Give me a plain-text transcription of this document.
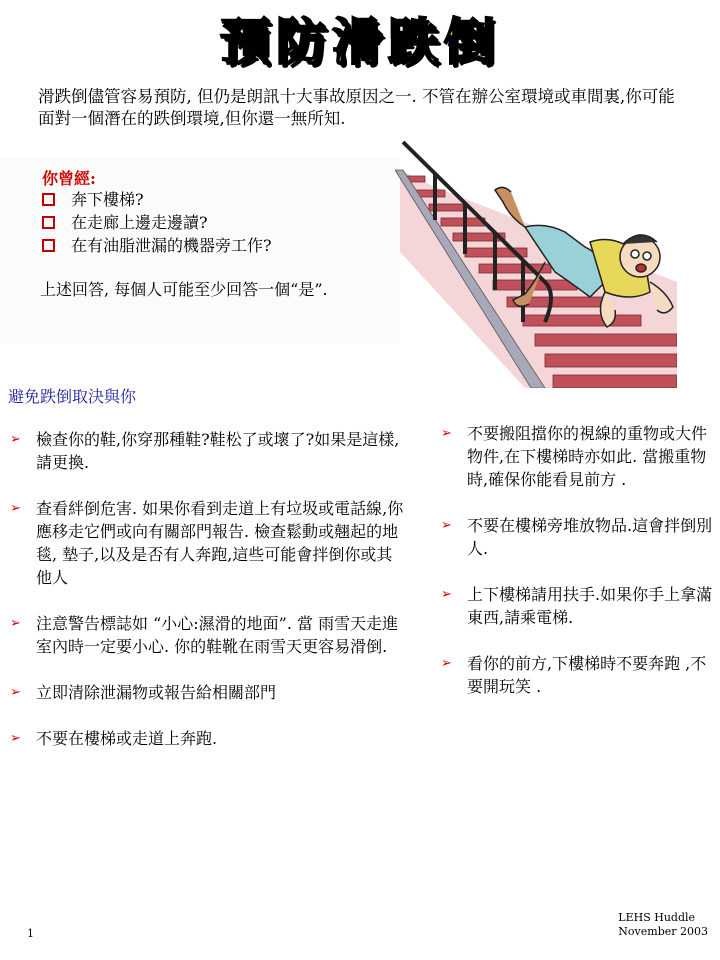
預防滑跌倒
滑跌倒儘管容易預防, 但仍是朗訊十大事故原因之一. 不管在辦公室環境或車間裏,你可能面對一個潛在的跌倒環境,但你還一無所知.
你曾經:
奔下樓梯?
在走廊上邊走邊讀?
在有油脂泄漏的機器旁工作?
上述回答, 每個人可能至少回答一個“是”.
避免跌倒取決與你
➢ 檢查你的鞋,你穿那種鞋?鞋松了或壞了?如果是這樣,請更換.
➢ 查看絆倒危害. 如果你看到走道上有垃圾或電話線,你應移走它們或向有關部門報告. 檢查鬆動或翹起的地毯, 墊子,以及是否有人奔跑,這些可能會拌倒你或其他人
➢ 注意警告標誌如 “小心:濕滑的地面”. 當 雨雪天走進室內時一定要小心. 你的鞋靴在雨雪天更容易滑倒.
➢ 立即清除泄漏物或報告給相關部門
➢ 不要在樓梯或走道上奔跑.
➢ 不要搬阻擋你的視線的重物或大件物件,在下樓梯時亦如此. 當搬重物時,確保你能看見前方 .
➢ 不要在樓梯旁堆放物品.這會拌倒別人.
➢ 上下樓梯請用扶手.如果你手上拿滿東西,請乘電梯.
➢ 看你的前方,下樓梯時不要奔跑 ,不要開玩笑 .
1
LEHS Huddle
November 2003
